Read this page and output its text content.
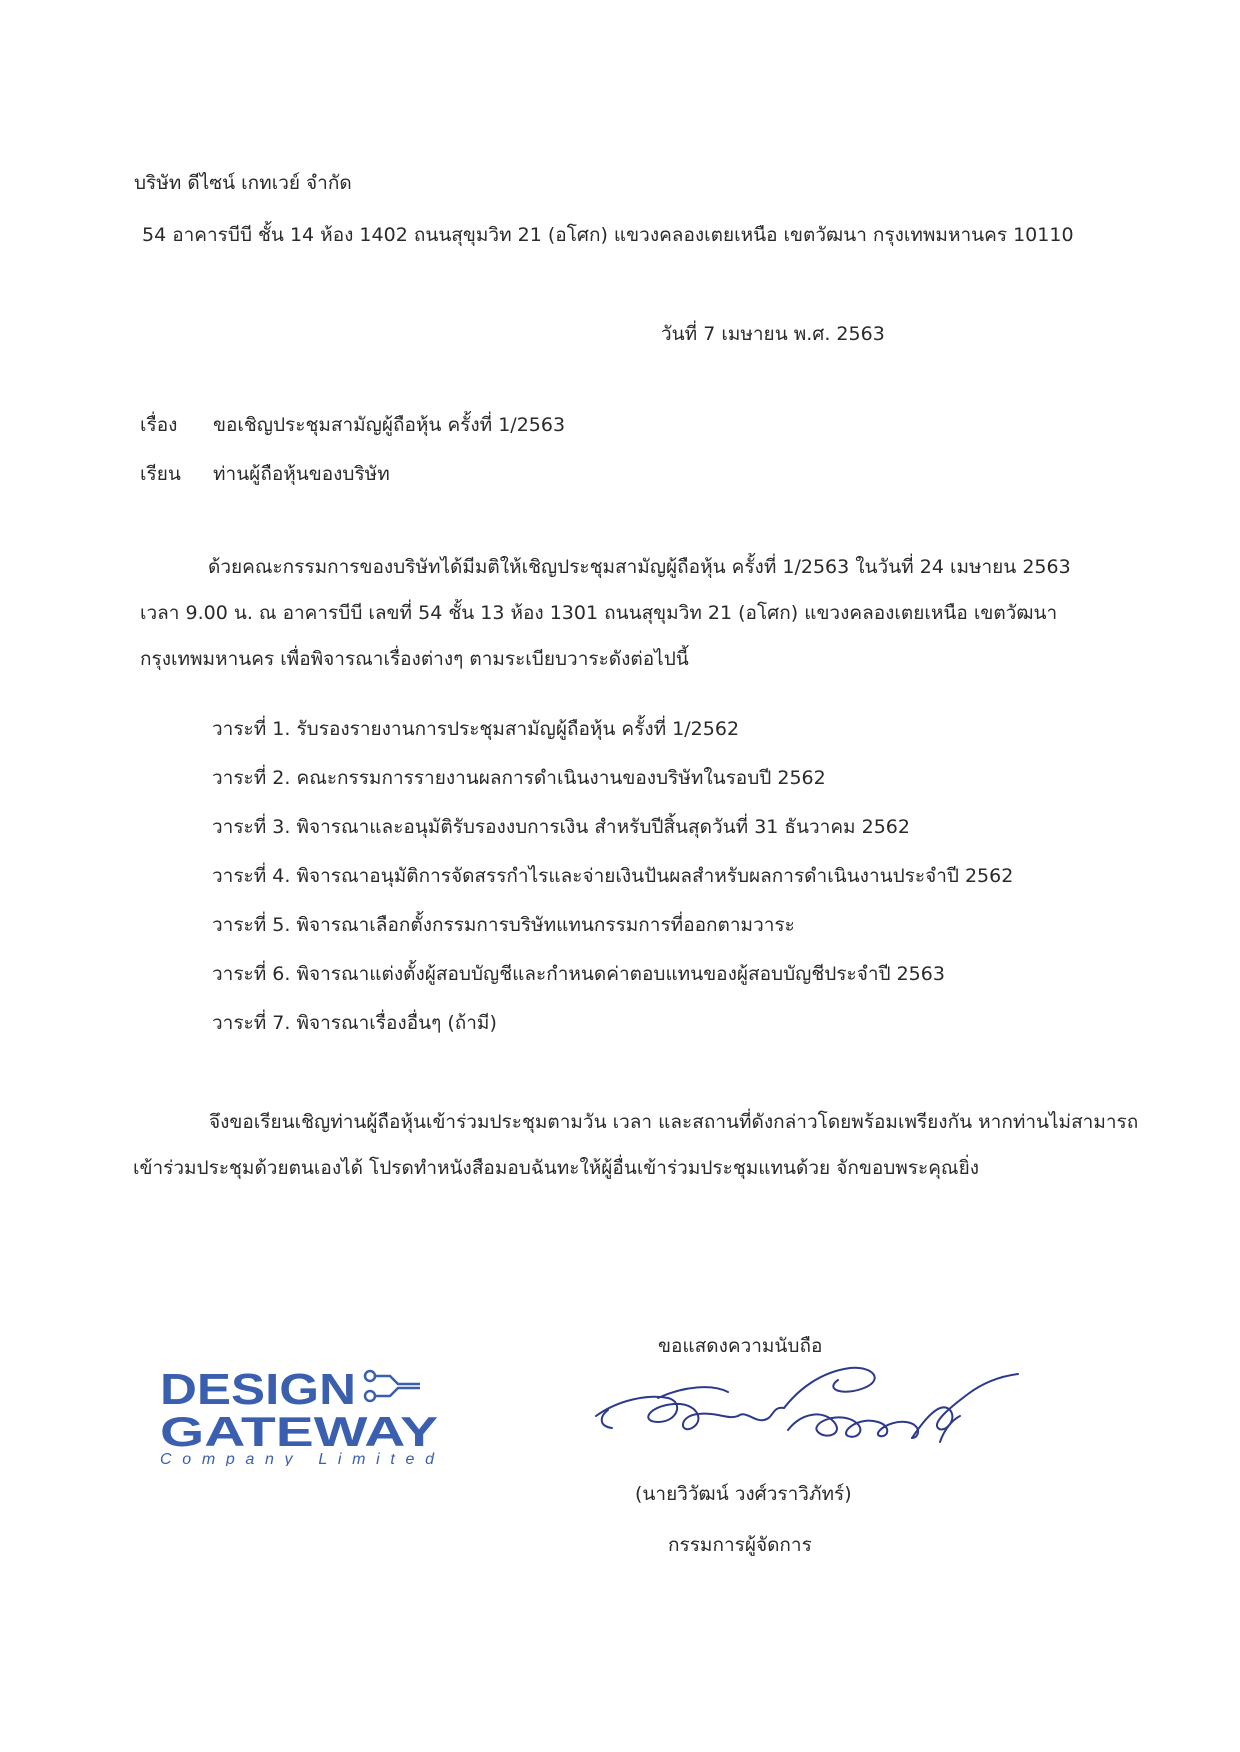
บริษัท ดีไซน์ เกทเวย์ จำกัด
54 อาคารบีบี ชั้น 14 ห้อง 1402 ถนนสุขุมวิท 21 (อโศก) แขวงคลองเตยเหนือ เขตวัฒนา กรุงเทพมหานคร 10110
วันที่ 7 เมษายน พ.ศ. 2563
เรื่อง ขอเชิญประชุมสามัญผู้ถือหุ้น ครั้งที่ 1/2563
เรียน ท่านผู้ถือหุ้นของบริษัท
ด้วยคณะกรรมการของบริษัทได้มีมติให้เชิญประชุมสามัญผู้ถือหุ้น ครั้งที่ 1/2563 ในวันที่ 24 เมษายน 2563
เวลา 9.00 น. ณ อาคารบีบี เลขที่ 54 ชั้น 13 ห้อง 1301 ถนนสุขุมวิท 21 (อโศก) แขวงคลองเตยเหนือ เขตวัฒนา
กรุงเทพมหานคร เพื่อพิจารณาเรื่องต่างๆ ตามระเบียบวาระดังต่อไปนี้
วาระที่ 1. รับรองรายงานการประชุมสามัญผู้ถือหุ้น ครั้งที่ 1/2562
วาระที่ 2. คณะกรรมการรายงานผลการดำเนินงานของบริษัทในรอบปี 2562
วาระที่ 3. พิจารณาและอนุมัติรับรองงบการเงิน สำหรับปีสิ้นสุดวันที่ 31 ธันวาคม 2562
วาระที่ 4. พิจารณาอนุมัติการจัดสรรกำไรและจ่ายเงินปันผลสำหรับผลการดำเนินงานประจำปี 2562
วาระที่ 5. พิจารณาเลือกตั้งกรรมการบริษัทแทนกรรมการที่ออกตามวาระ
วาระที่ 6. พิจารณาแต่งตั้งผู้สอบบัญชีและกำหนดค่าตอบแทนของผู้สอบบัญชีประจำปี 2563
วาระที่ 7. พิจารณาเรื่องอื่นๆ (ถ้ามี)
จึงขอเรียนเชิญท่านผู้ถือหุ้นเข้าร่วมประชุมตามวัน เวลา และสถานที่ดังกล่าวโดยพร้อมเพรียงกัน หากท่านไม่สามารถ
เข้าร่วมประชุมด้วยตนเองได้ โปรดทำหนังสือมอบฉันทะให้ผู้อื่นเข้าร่วมประชุมแทนด้วย จักขอบพระคุณยิ่ง
DESIGN
GATEWAY
Company Limited
ขอแสดงความนับถือ
(นายวิวัฒน์ วงศ์วราวิภัทร์)
กรรมการผู้จัดการ
